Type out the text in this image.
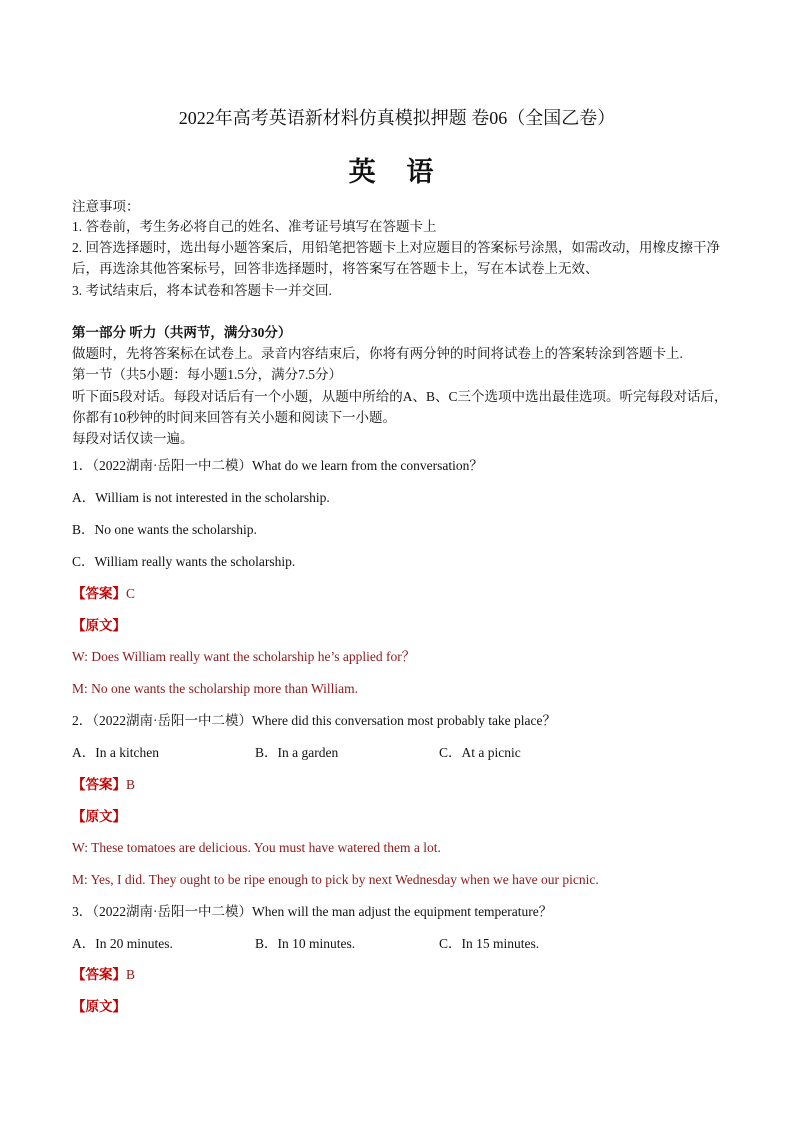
2022年高考英语新材料仿真模拟押题 卷06（全国乙卷）
英 语
注意事项：
1. 答卷前，考生务必将自己的姓名、准考证号填写在答题卡上
2. 回答选择题时，选出每小题答案后，用铅笔把答题卡上对应题目的答案标号涂黑，如需改动，用橡皮擦干净后，再选涂其他答案标号，回答非选择题时，将答案写在答题卡上，写在本试卷上无效、
3. 考试结束后，将本试卷和答题卡一并交回.
第一部分 听力（共两节，满分30分）
做题时，先将答案标在试卷上。录音内容结束后，你将有两分钟的时间将试卷上的答案转涂到答题卡上.
第一节（共5小题：每小题1.5分，满分7.5分）
听下面5段对话。每段对话后有一个小题，从题中所给的A、B、C三个选项中选出最佳选项。听完每段对话后，你都有10秒钟的时间来回答有关小题和阅读下一小题。
每段对话仅读一遍。
1．（2022湖南·岳阳一中二模）What do we learn from the conversation？
A．William is not interested in the scholarship.
B．No one wants the scholarship.
C．William really wants the scholarship.
【答案】C
【原文】
W: Does William really want the scholarship he’s applied for？
M: No one wants the scholarship more than William.
2．（2022湖南·岳阳一中二模）Where did this conversation most probably take place？
A．In a kitchen	B．In a garden	C．At a picnic
【答案】B
【原文】
W: These tomatoes are delicious. You must have watered them a lot.
M: Yes, I did. They ought to be ripe enough to pick by next Wednesday when we have our picnic.
3．（2022湖南·岳阳一中二模）When will the man adjust the equipment temperature？
A．In 20 minutes.	B．In 10 minutes.	C．In 15 minutes.
【答案】B
【原文】
